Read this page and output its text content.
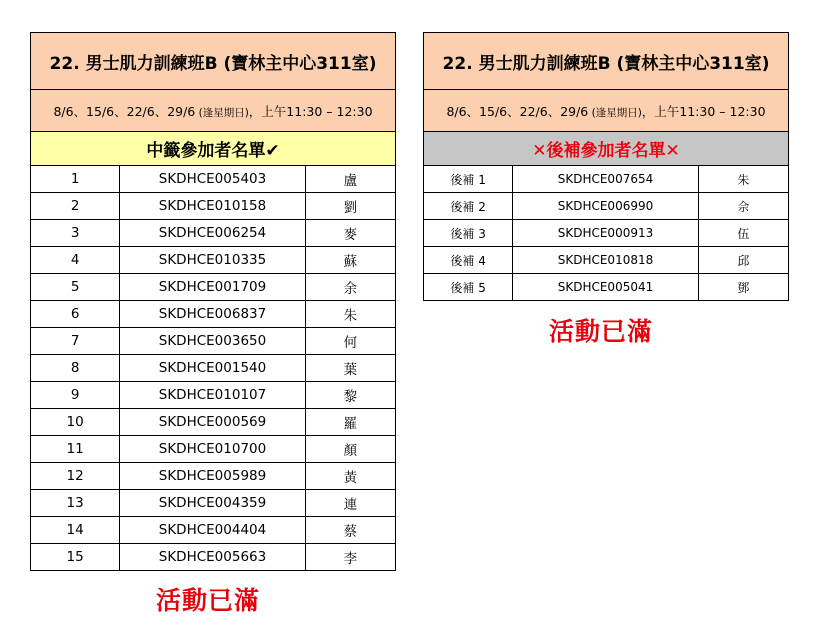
22. 男士肌力訓練班B (寶林主中心311室)		
8/6、15/6、22/6、29/6 (逢星期日)，上午11:30 – 12:30		
中籤參加者名單✔		
1	SKDHCE005403	盧
2	SKDHCE010158	劉
3	SKDHCE006254	麥
4	SKDHCE010335	蘇
5	SKDHCE001709	余
6	SKDHCE006837	朱
7	SKDHCE003650	何
8	SKDHCE001540	葉
9	SKDHCE010107	黎
10	SKDHCE000569	羅
11	SKDHCE010700	顏
12	SKDHCE005989	黃
13	SKDHCE004359	連
14	SKDHCE004404	蔡
15	SKDHCE005663	李
22. 男士肌力訓練班B (寶林主中心311室)		
8/6、15/6、22/6、29/6 (逢星期日)，上午11:30 – 12:30		
✕後補參加者名單✕		
後補 1	SKDHCE007654	朱
後補 2	SKDHCE006990	佘
後補 3	SKDHCE000913	伍
後補 4	SKDHCE010818	邱
後補 5	SKDHCE005041	鄧
活動已滿
活動已滿
